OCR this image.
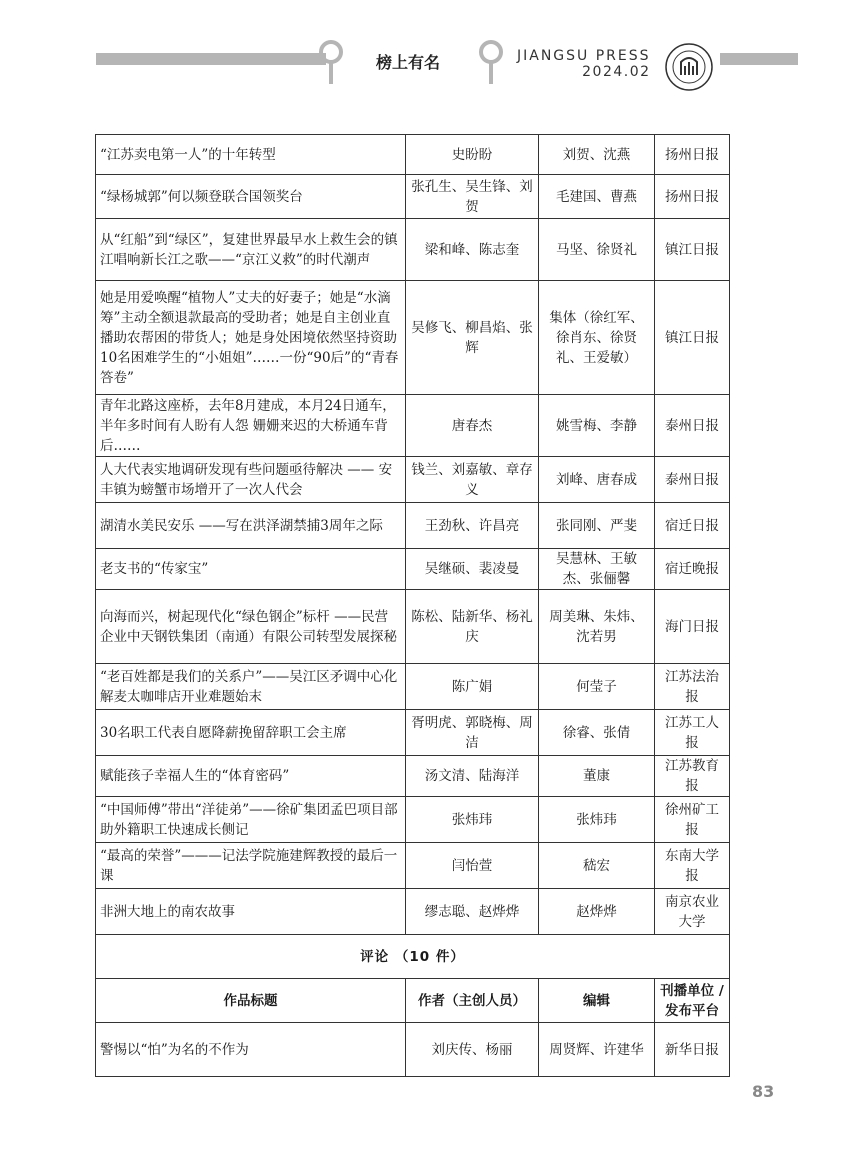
榜上有名	JIANGSU PRESS
2024.02
“江苏卖电第一人”的十年转型	史盼盼	刘贺、沈燕	扬州日报
“绿杨城郭”何以频登联合国领奖台	张孔生、吴生锋、刘贺	毛建国、曹燕	扬州日报
从“红船”到“绿区”，复建世界最早水上救生会的镇江唱响新长江之歌——“京江义救”的时代潮声	梁和峰、陈志奎	马坚、徐贤礼	镇江日报
她是用爱唤醒“植物人”丈夫的好妻子；她是“水滴筹”主动全额退款最高的受助者；她是自主创业直播助农帮困的带货人；她是身处困境依然坚持资助10名困难学生的“小姐姐”……一份“90后”的“青春答卷”	吴修飞、柳昌焰、张辉	集体（徐红军、徐肖东、徐贤礼、王爱敏）	镇江日报
青年北路这座桥，去年8月建成，本月24日通车，半年多时间有人盼有人怨 姗姗来迟的大桥通车背后……	唐春杰	姚雪梅、李静	泰州日报
人大代表实地调研发现有些问题亟待解决 —— 安丰镇为螃蟹市场增开了一次人代会	钱兰、刘嘉敏、章存义	刘峰、唐春成	泰州日报
湖清水美民安乐 ——写在洪泽湖禁捕3周年之际	王劲秋、许昌亮	张同刚、严斐	宿迁日报
老支书的“传家宝”	吴继硕、裴凌曼	吴慧林、王敏杰、张俪馨	宿迁晚报
向海而兴，树起现代化“绿色钢企”标杆 ——民营企业中天钢铁集团（南通）有限公司转型发展探秘	陈松、陆新华、杨礼庆	周美琳、朱炜、沈若男	海门日报
“老百姓都是我们的关系户”——吴江区矛调中心化解麦太咖啡店开业难题始末	陈广娟	何莹子	江苏法治报
30名职工代表自愿降薪挽留辞职工会主席	胥明虎、郭晓梅、周洁	徐睿、张倩	江苏工人报
赋能孩子幸福人生的“体育密码”	汤文清、陆海洋	董康	江苏教育报
“中国师傅”带出“洋徒弟”——徐矿集团孟巴项目部助外籍职工快速成长侧记	张炜玮	张炜玮	徐州矿工报
“最高的荣誉”———记法学院施建辉教授的最后一课	闫怡萱	嵇宏	东南大学报
非洲大地上的南农故事	缪志聪、赵烨烨	赵烨烨	南京农业大学
评论 （10 件）			
作品标题	作者（主创人员）	编辑	刊播单位 / 发布平台
警惕以“怕”为名的不作为	刘庆传、杨丽	周贤辉、许建华	新华日报
83
